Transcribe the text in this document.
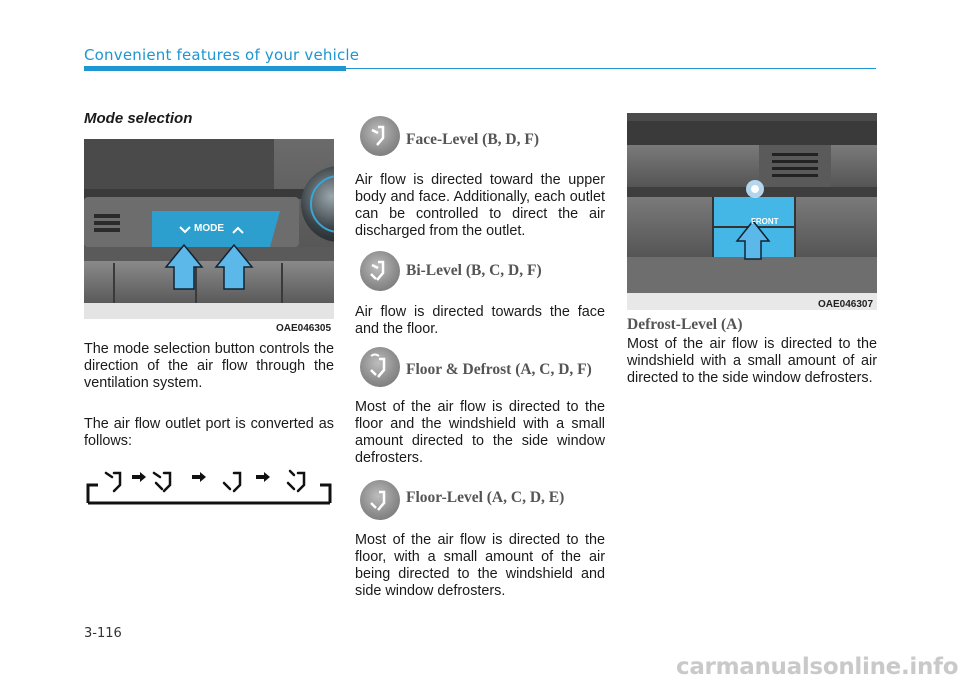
Convenient features of your vehicle
Mode selection
MODE
OAE046305

The mode selection button controls the direction of the air flow through the ventilation system.

The air flow outlet port is converted as follows:

Face-Level (B, D, F)

Air flow is directed toward the upper body and face. Additionally, each outlet can be controlled to direct the air discharged from the outlet.

Bi-Level (B, C, D, F)

Air flow is directed towards the face and the floor.

Floor & Defrost (A, C, D, F)

Most of the air flow is directed to the floor and the windshield with a small amount directed to the side window defrosters.

Floor-Level (A, C, D, E)

Most of the air flow is directed to the floor, with a small amount of the air being directed to the windshield and side window defrosters.

FRONT
OAE046307
Defrost-Level (A)

Most of the air flow is directed to the windshield with a small amount of air directed to the side window defrosters.

3-116
carmanualsonline.info
